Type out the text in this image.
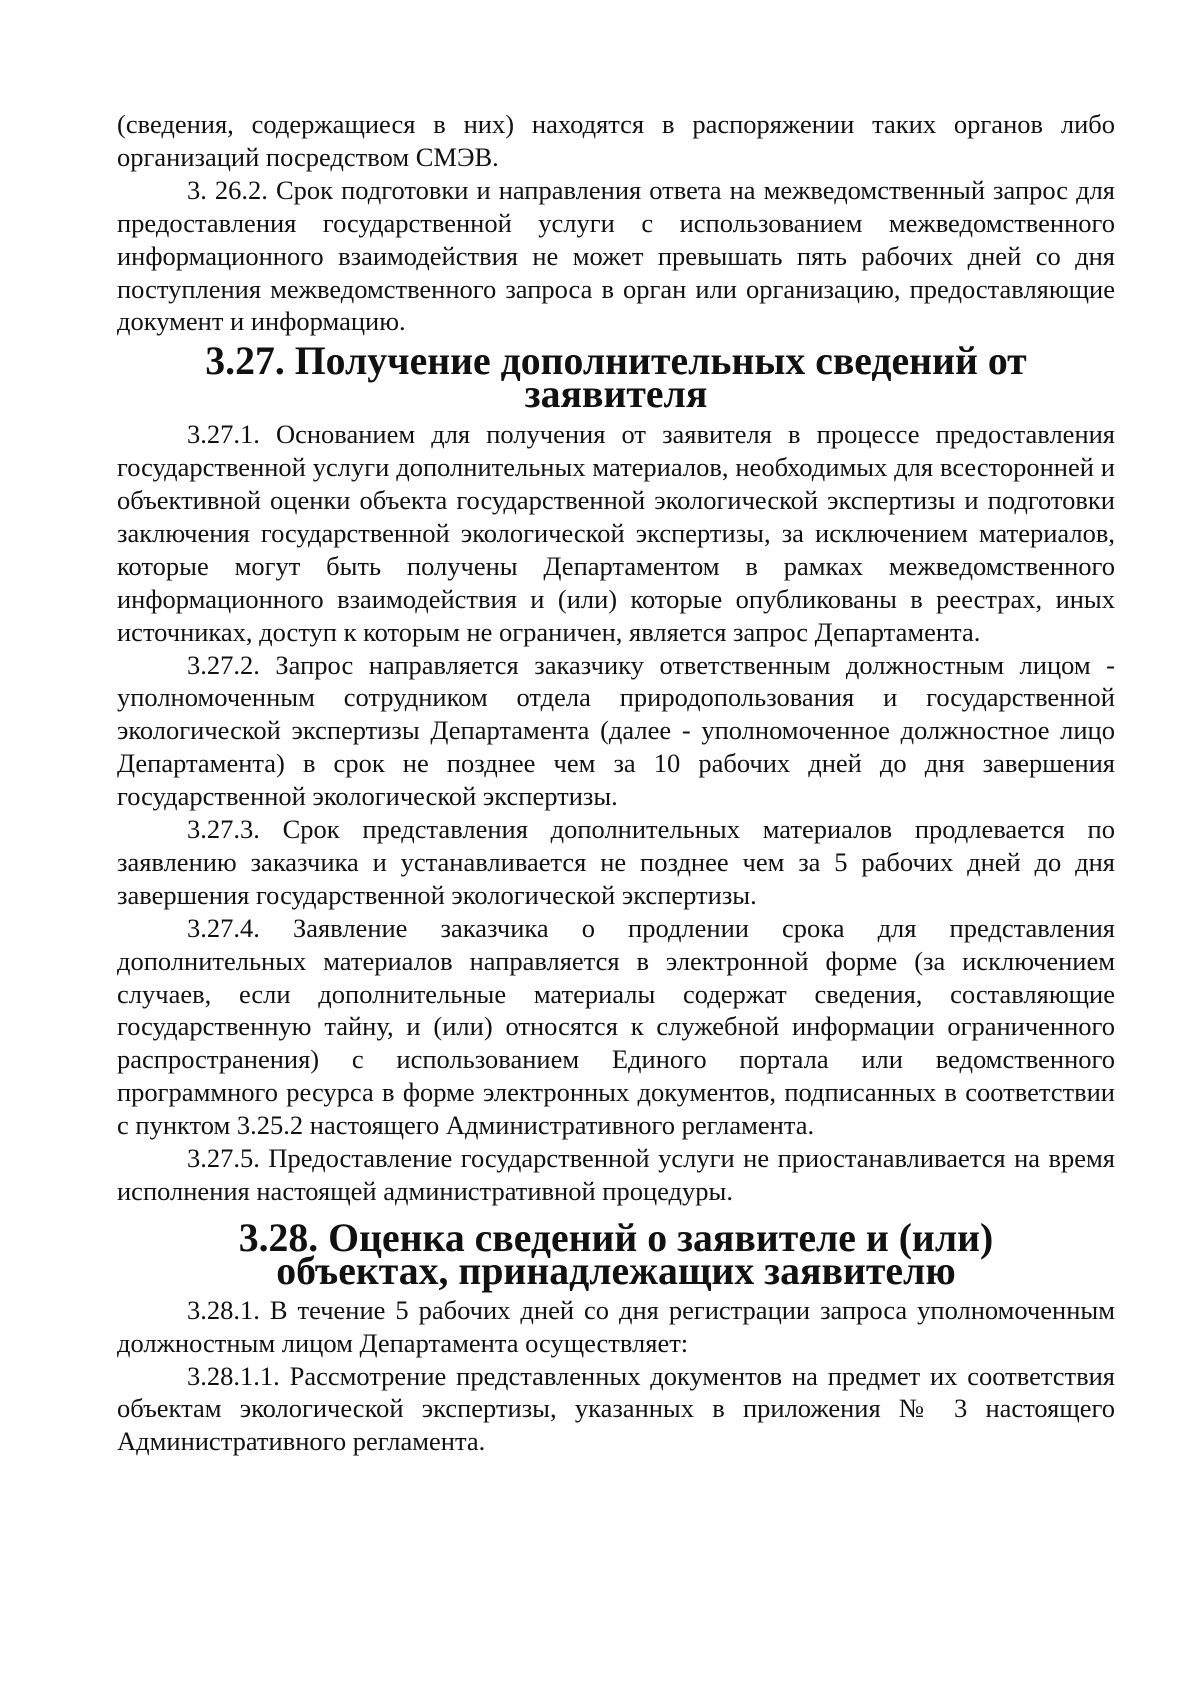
(сведения, содержащиеся в них) находятся в распоряжении таких органов либо организаций посредством СМЭВ.

3. 26.2. Срок подготовки и направления ответа на межведомственный запрос для предоставления государственной услуги с использованием межведомственного информационного взаимодействия не может превышать пять рабочих дней со дня поступления межведомственного запроса в орган или организацию, предоставляющие документ и информацию.

3.27. Получение дополнительных сведений от заявителя

3.27.1. Основанием для получения от заявителя в процессе предоставления государственной услуги дополнительных материалов, необходимых для всесторонней и объективной оценки объекта государственной экологической экспертизы и подготовки заключения государственной экологической экспертизы, за исключением материалов, которые могут быть получены Департаментом в рамках межведомственного информационного взаимодействия и (или) которые опубликованы в реестрах, иных источниках, доступ к которым не ограничен, является запрос Департамента.

3.27.2. Запрос направляется заказчику ответственным должностным лицом - уполномоченным сотрудником отдела природопользования и государственной экологической экспертизы Департамента (далее - уполномоченное должностное лицо Департамента) в срок не позднее чем за 10 рабочих дней до дня завершения государственной экологической экспертизы.

3.27.3. Срок представления дополнительных материалов продлевается по заявлению заказчика и устанавливается не позднее чем за 5 рабочих дней до дня завершения государственной экологической экспертизы.

3.27.4. Заявление заказчика о продлении срока для представления дополнительных материалов направляется в электронной форме (за исключением случаев, если дополнительные материалы содержат сведения, составляющие государственную тайну, и (или) относятся к служебной информации ограниченного распространения) с использованием Единого портала или ведомственного программного ресурса в форме электронных документов, подписанных в соответствии с пунктом 3.25.2 настоящего Административного регламента.

3.27.5. Предоставление государственной услуги не приостанавливается на время исполнения настоящей административной процедуры.

3.28. Оценка сведений о заявителе и (или) объектах, принадлежащих заявителю

3.28.1. В течение 5 рабочих дней со дня регистрации запроса уполномоченным должностным лицом Департамента осуществляет:

3.28.1.1. Рассмотрение представленных документов на предмет их соответствия объектам экологической экспертизы, указанных в приложения № 3 настоящего Административного регламента.
